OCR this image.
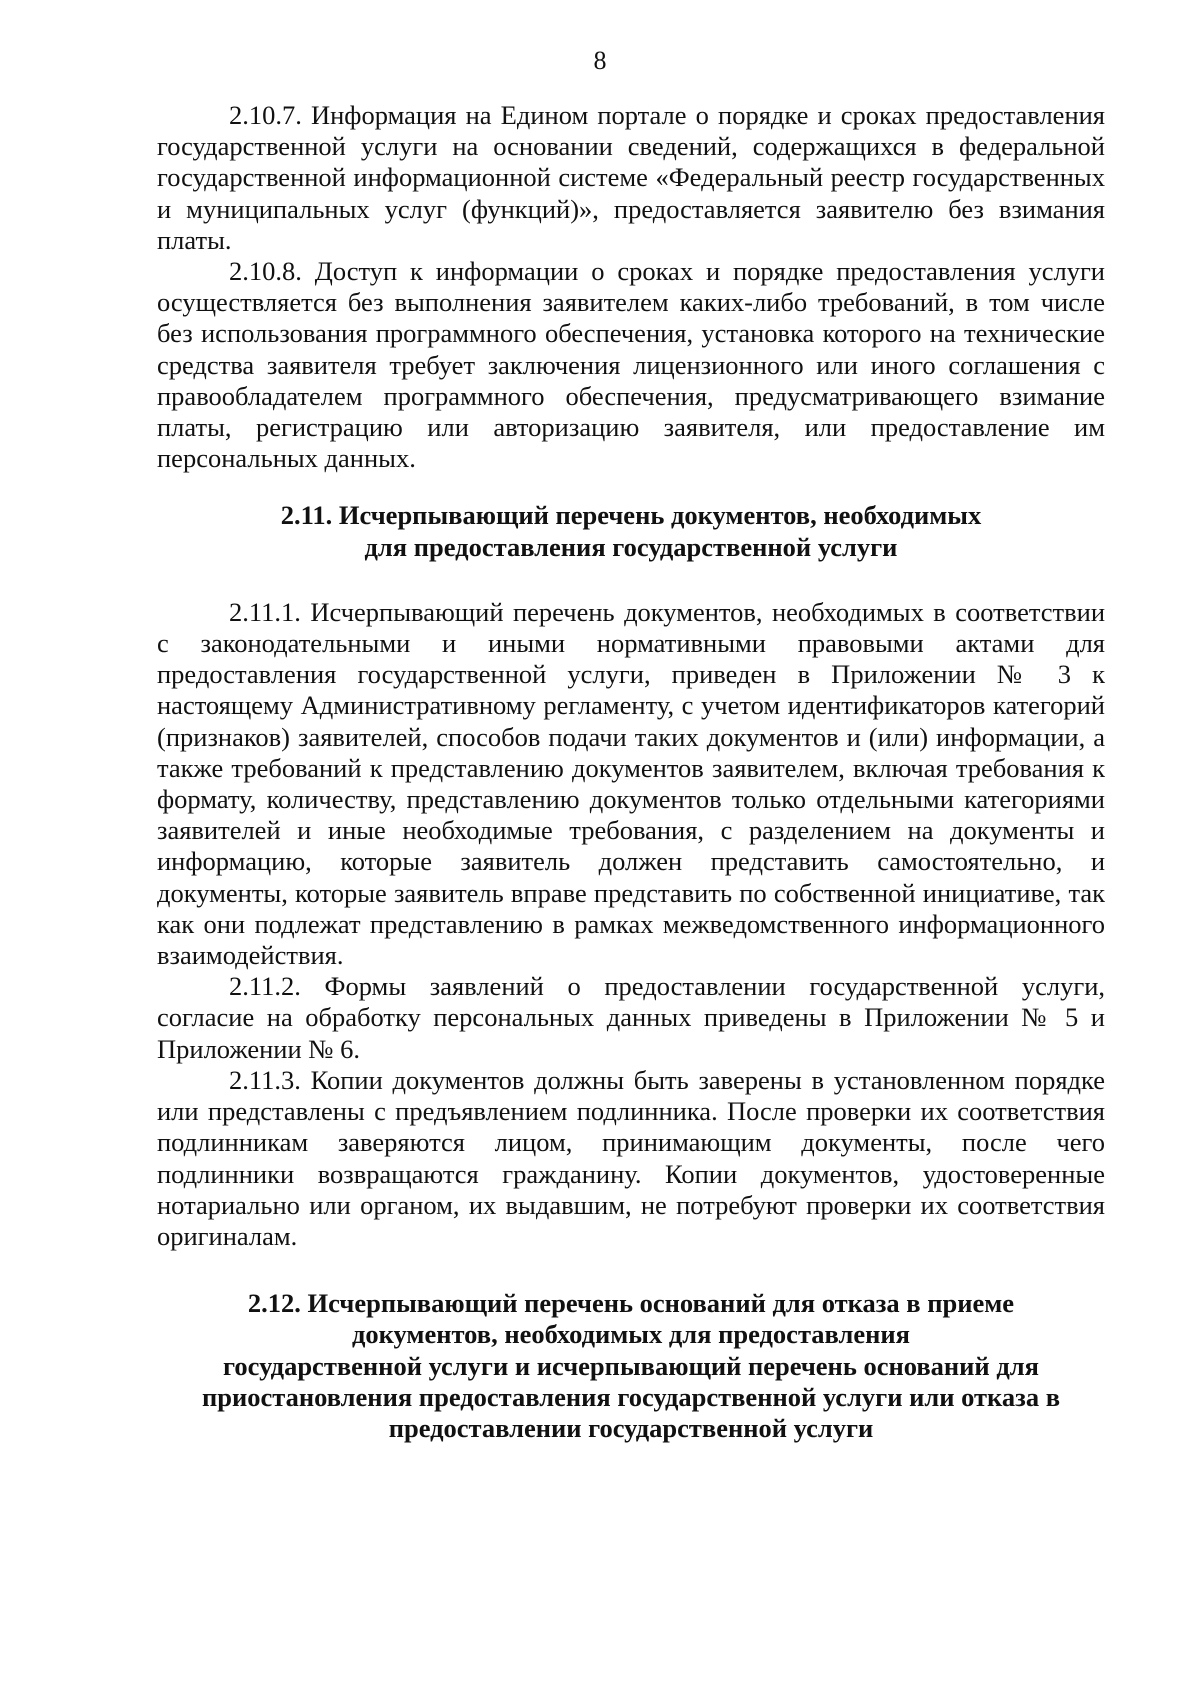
8

2.10.7. Информация на Едином портале о порядке и сроках предоставления государственной услуги на основании сведений, содержащихся в федеральной государственной информационной системе «Федеральный реестр государственных и муниципальных услуг (функций)», предоставляется заявителю без взимания платы.

2.10.8. Доступ к информации о сроках и порядке предоставления услуги осуществляется без выполнения заявителем каких-либо требований, в том числе без использования программного обеспечения, установка которого на технические средства заявителя требует заключения лицензионного или иного соглашения с правообладателем программного обеспечения, предусматривающего взимание платы, регистрацию или авторизацию заявителя, или предоставление им персональных данных.

2.11. Исчерпывающий перечень документов, необходимых
для предоставления государственной услуги

2.11.1. Исчерпывающий перечень документов, необходимых в соответствии с законодательными и иными нормативными правовыми актами для предоставления государственной услуги, приведен в Приложении № 3 к настоящему Административному регламенту, с учетом идентификаторов категорий (признаков) заявителей, способов подачи таких документов и (или) информации, а также требований к представлению документов заявителем, включая требования к формату, количеству, представлению документов только отдельными категориями заявителей и иные необходимые требования, с разделением на документы и информацию, которые заявитель должен представить самостоятельно, и документы, которые заявитель вправе представить по собственной инициативе, так как они подлежат представлению в рамках межведомственного информационного взаимодействия.

2.11.2. Формы заявлений о предоставлении государственной услуги, согласие на обработку персональных данных приведены в Приложении № 5 и Приложении № 6.

2.11.3. Копии документов должны быть заверены в установленном порядке или представлены с предъявлением подлинника. После проверки их соответствия подлинникам заверяются лицом, принимающим документы, после чего подлинники возвращаются гражданину. Копии документов, удостоверенные нотариально или органом, их выдавшим, не потребуют проверки их соответствия оригиналам.

2.12. Исчерпывающий перечень оснований для отказа в приеме
документов, необходимых для предоставления
государственной услуги и исчерпывающий перечень оснований для
приостановления предоставления государственной услуги или отказа в
предоставлении государственной услуги
